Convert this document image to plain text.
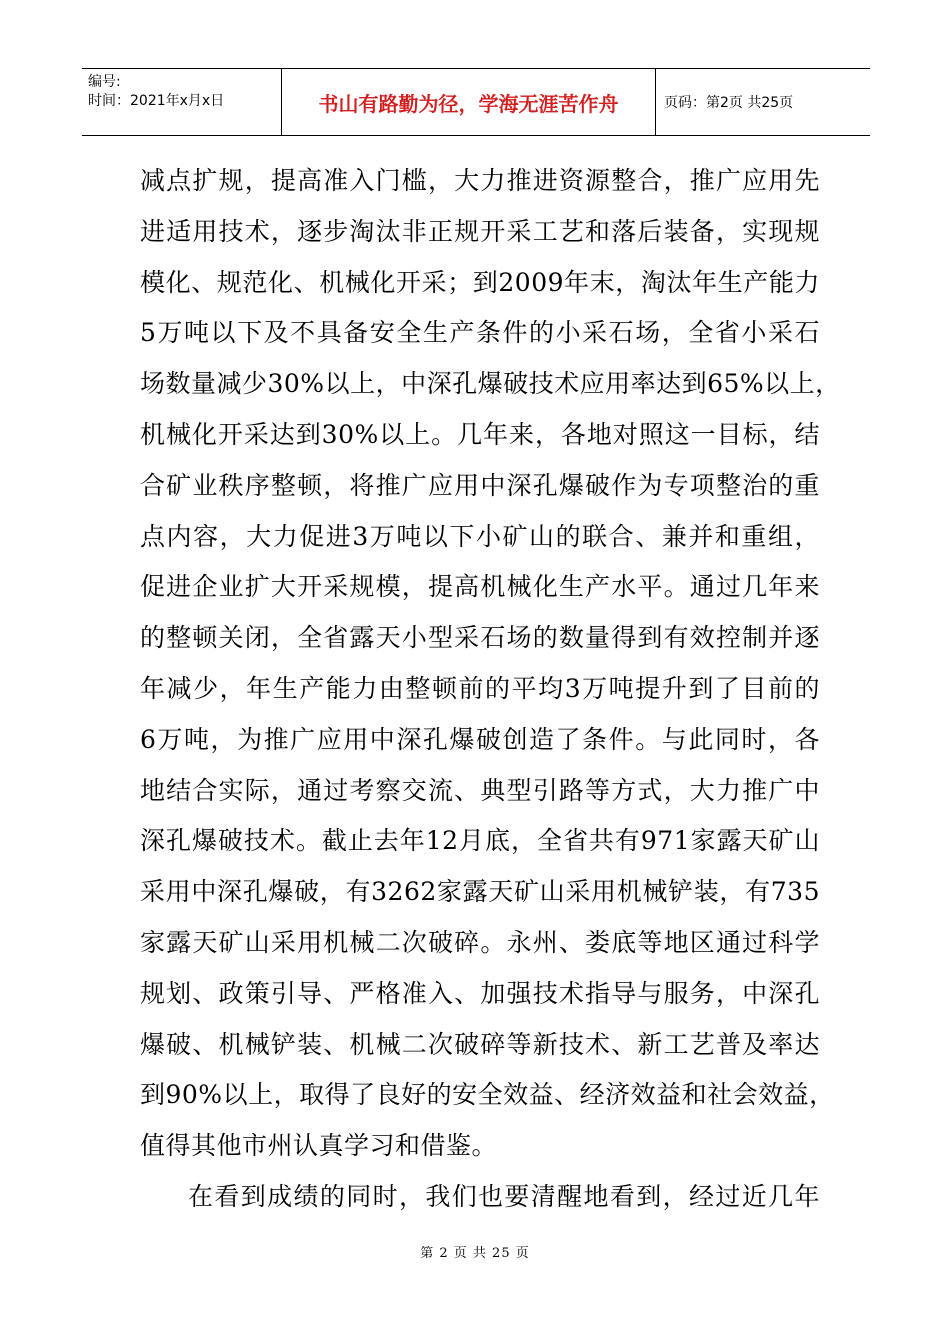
编号:
时间：2021年x月x日	书山有路勤为径，学海无涯苦作舟	页码：第2页 共25页
减点扩规，提高准入门槛，大力推进资源整合，推广应用先
进适用技术，逐步淘汰非正规开采工艺和落后装备，实现规
模化、规范化、机械化开采；到2009年末，淘汰年生产能力
5万吨以下及不具备安全生产条件的小采石场，全省小采石
场数量减少30%以上，中深孔爆破技术应用率达到65%以上，
机械化开采达到30%以上。几年来，各地对照这一目标，结
合矿业秩序整顿，将推广应用中深孔爆破作为专项整治的重
点内容，大力促进3万吨以下小矿山的联合、兼并和重组，
促进企业扩大开采规模，提高机械化生产水平。通过几年来
的整顿关闭，全省露天小型采石场的数量得到有效控制并逐
年减少，年生产能力由整顿前的平均3万吨提升到了目前的
6万吨，为推广应用中深孔爆破创造了条件。与此同时，各
地结合实际，通过考察交流、典型引路等方式，大力推广中
深孔爆破技术。截止去年12月底，全省共有971家露天矿山
采用中深孔爆破，有3262家露天矿山采用机械铲装，有735
家露天矿山采用机械二次破碎。永州、娄底等地区通过科学
规划、政策引导、严格准入、加强技术指导与服务，中深孔
爆破、机械铲装、机械二次破碎等新技术、新工艺普及率达
到90%以上，取得了良好的安全效益、经济效益和社会效益，
值得其他市州认真学习和借鉴。
在看到成绩的同时，我们也要清醒地看到，经过近几年
第 2 页 共 25 页
